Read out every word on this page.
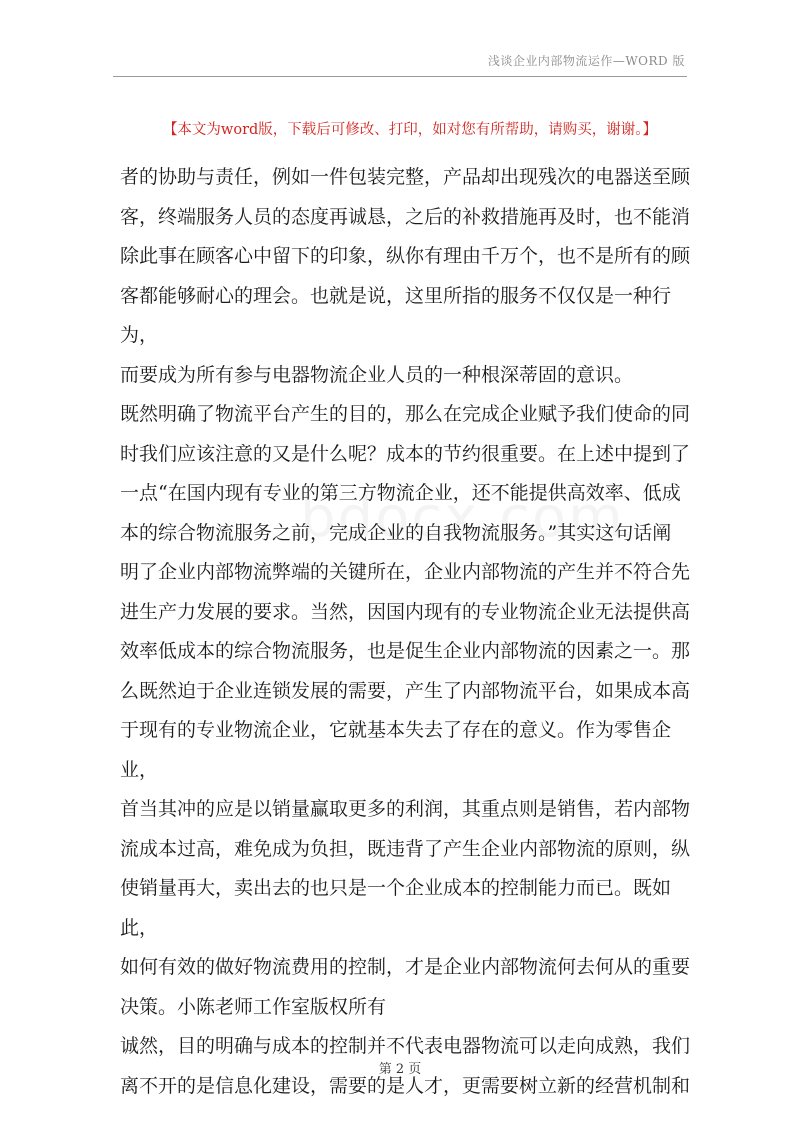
浅谈企业内部物流运作—WORD 版
【本文为word版，下载后可修改、打印，如对您有所帮助，请购买，谢谢。】
者的协助与责任，例如一件包装完整，产品却出现残次的电器送至顾
客，终端服务人员的态度再诚恳，之后的补救措施再及时，也不能消
除此事在顾客心中留下的印象，纵你有理由千万个，也不是所有的顾
客都能够耐心的理会。也就是说，这里所指的服务不仅仅是一种行为，
而要成为所有参与电器物流企业人员的一种根深蒂固的意识。
既然明确了物流平台产生的目的，那么在完成企业赋予我们使命的同
时我们应该注意的又是什么呢？成本的节约很重要。在上述中提到了
一点“在国内现有专业的第三方物流企业，还不能提供高效率、低成
本的综合物流服务之前，完成企业的自我物流服务。”其实这句话阐
明了企业内部物流弊端的关键所在，企业内部物流的产生并不符合先
进生产力发展的要求。当然，因国内现有的专业物流企业无法提供高
效率低成本的综合物流服务，也是促生企业内部物流的因素之一。那
么既然迫于企业连锁发展的需要，产生了内部物流平台，如果成本高
于现有的专业物流企业，它就基本失去了存在的意义。作为零售企业，
首当其冲的应是以销量赢取更多的利润，其重点则是销售，若内部物
流成本过高，难免成为负担，既违背了产生企业内部物流的原则，纵
使销量再大，卖出去的也只是一个企业成本的控制能力而已。既如此，
如何有效的做好物流费用的控制，才是企业内部物流何去何从的重要
决策。小陈老师工作室版权所有
诚然，目的明确与成本的控制并不代表电器物流可以走向成熟，我们
离不开的是信息化建设，需要的是人才，更需要树立新的经营机制和
第 2 页
